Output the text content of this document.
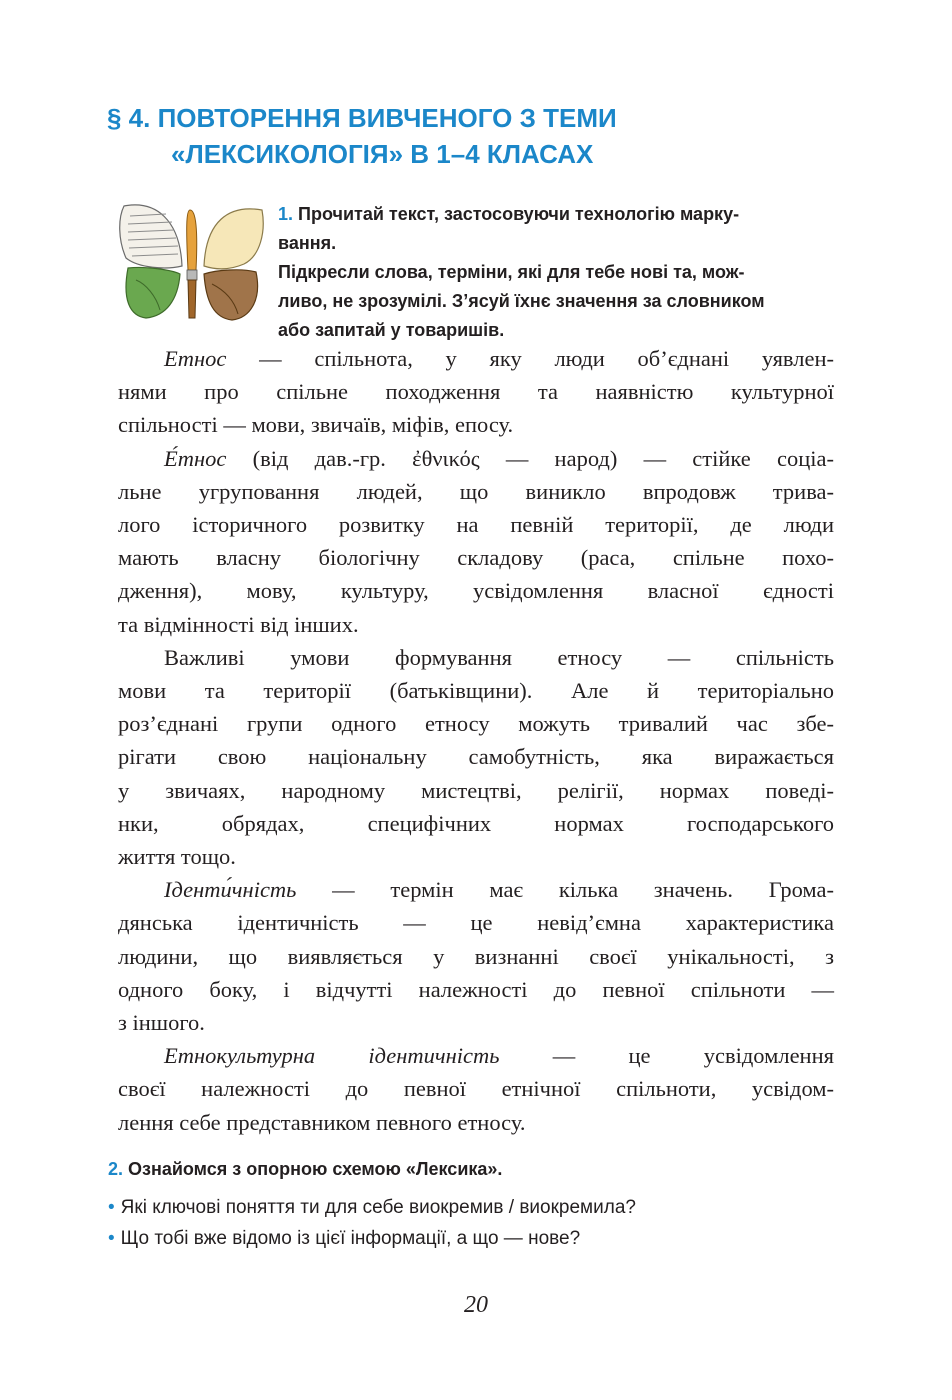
§ 4. ПОВТОРЕННЯ ВИВЧЕНОГО З ТЕМИ
«ЛЕКСИКОЛОГІЯ» В 1–4 КЛАСАХ
1. Прочитай текст, застосовуючи технологію марку-
вання.
Підкресли слова, терміни, які для тебе нові та, мож-
ливо, не зрозумілі. З’ясуй їхнє значення за словником
або запитай у товаришів.
Етнос — спільнота, у яку люди об’єднані уявлен-
нями про спільне походження та наявністю культурної
спільності — мови, звичаїв, міфів, епосу.
Е́тнос (від дав.-гр. ἐθνικός — народ) — стійке соціа-
льне угруповання людей, що виникло впродовж трива-
лого історичного розвитку на певній території, де люди
мають власну біологічну складову (раса, спільне похо-
дження), мову, культуру, усвідомлення власної єдності
та відмінності від інших.
Важливі умови формування етносу — спільність
мови та території (батьківщини). Але й територіально
роз’єднані групи одного етносу можуть тривалий час збе-
рігати свою національну самобутність, яка виражається
у звичаях, народному мистецтві, релігії, нормах поведі-
нки, обрядах, специфічних нормах господарського
життя тощо.
Іденти́чність — термін має кілька значень. Грома-
дянська ідентичність — це невід’ємна характеристика
людини, що виявляється у визнанні своєї унікальності, з
одного боку, і відчутті належності до певної спільноти —
з іншого.
Етнокультурна ідентичність — це усвідомлення
своєї належності до певної етнічної спільноти, усвідом-
лення себе представником певного етносу.
2. Ознайомся з опорною схемою «Лексика».
• Які ключові поняття ти для себе виокремив / виокремила?
• Що тобі вже відомо із цієї інформації, а що — нове?
20
